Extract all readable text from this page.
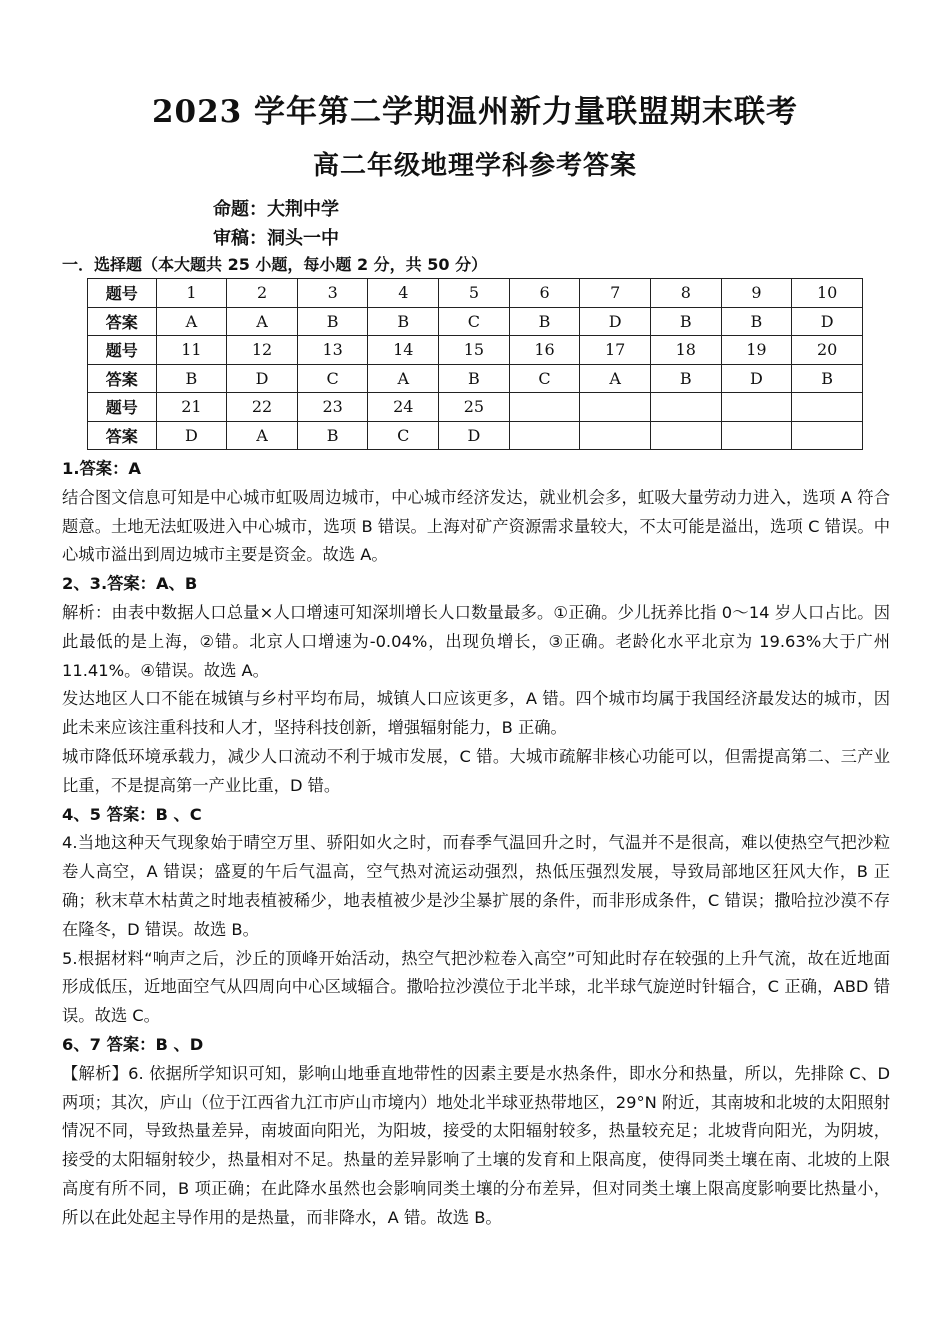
2023 学年第二学期温州新力量联盟期末联考
高二年级地理学科参考答案
命题：大荆中学
审稿：洞头一中
一．选择题（本大题共 25 小题，每小题 2 分，共 50 分）
题号	1	2	3	4	5	6	7	8	9	10
答案	A	A	B	B	C	B	D	B	B	D
题号	11	12	13	14	15	16	17	18	19	20
答案	B	D	C	A	B	C	A	B	D	B
题号	21	22	23	24	25					
答案	D	A	B	C	D					

1.答案：A

结合图文信息可知是中心城市虹吸周边城市，中心城市经济发达，就业机会多，虹吸大量劳动力进入，选项 A 符合题意。土地无法虹吸进入中心城市，选项 B 错误。上海对矿产资源需求量较大，不太可能是溢出，选项 C 错误。中心城市溢出到周边城市主要是资金。故选 A。

2、3.答案：A、B

解析：由表中数据人口总量×人口增速可知深圳增长人口数量最多。①正确。少儿抚养比指 0～14 岁人口占比。因此最低的是上海，②错。北京人口增速为-0.04%，出现负增长，③正确。老龄化水平北京为 19.63%大于广州 11.41%。④错误。故选 A。

发达地区人口不能在城镇与乡村平均布局，城镇人口应该更多，A 错。四个城市均属于我国经济最发达的城市，因此未来应该注重科技和人才，坚持科技创新，增强辐射能力，B 正确。

城市降低环境承载力，减少人口流动不利于城市发展，C 错。大城市疏解非核心功能可以，但需提高第二、三产业比重，不是提高第一产业比重，D 错。

4、5 答案：B 、C

4.当地这种天气现象始于晴空万里、骄阳如火之时，而春季气温回升之时，气温并不是很高，难以使热空气把沙粒卷人高空，A 错误；盛夏的午后气温高，空气热对流运动强烈，热低压强烈发展，导致局部地区狂风大作，B 正确；秋末草木枯黄之时地表植被稀少，地表植被少是沙尘暴扩展的条件，而非形成条件，C 错误；撒哈拉沙漠不存在隆冬，D 错误。故选 B。

5.根据材料“响声之后，沙丘的顶峰开始活动，热空气把沙粒卷入高空”可知此时存在较强的上升气流，故在近地面形成低压，近地面空气从四周向中心区域辐合。撒哈拉沙漠位于北半球，北半球气旋逆时针辐合，C 正确，ABD 错误。故选 C。

6、7 答案：B 、D

【解析】6. 依据所学知识可知，影响山地垂直地带性的因素主要是水热条件，即水分和热量，所以，先排除 C、D 两项；其次，庐山（位于江西省九江市庐山市境内）地处北半球亚热带地区，29°N 附近，其南坡和北坡的太阳照射情况不同，导致热量差异，南坡面向阳光，为阳坡，接受的太阳辐射较多，热量较充足；北坡背向阳光，为阴坡，接受的太阳辐射较少，热量相对不足。热量的差异影响了土壤的发育和上限高度，使得同类土壤在南、北坡的上限高度有所不同，B 项正确；在此降水虽然也会影响同类土壤的分布差异，但对同类土壤上限高度影响要比热量小，所以在此处起主导作用的是热量，而非降水，A 错。故选 B。
